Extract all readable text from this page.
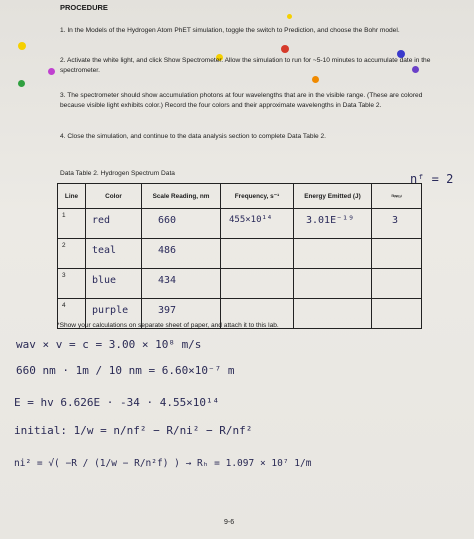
PROCEDURE
1. In the Models of the Hydrogen Atom PhET simulation, toggle the switch to Prediction, and choose the Bohr model.
2. Activate the white light, and click Show Spectrometer. Allow the simulation to run for ~5-10 minutes to accumulate date in the spectrometer.
3. The spectrometer should show accumulation photons at four wavelengths that are in the visible range. (These are colored because visible light exhibits color.) Record the four colors and their approximate wavelengths in Data Table 2.
4. Close the simulation, and continue to the data analysis section to complete Data Table 2.
Data Table 2. Hydrogen Spectrum Data	nᶠ = 2
Line	Color	Scale Reading, nm	Frequency, s⁻¹	Energy Emitted (J)	nᵢₙᵢₜᵢₐₗ
1	red	660	455×10¹⁴	3.01E⁻¹⁹	3

2	teal	486			

3	blue	434			

4	purple	397			

*Show your calculations on separate sheet of paper, and attach it to this lab.
wav × v = c = 3.00 × 10⁸ m/s
660 nm · 1m / 10 nm = 6.60×10⁻⁷ m
E = hv 6.626E · -34 · 4.55×10¹⁴
initial: 1/w = n/nf² − R/ni² − R/nf²
ni² = √( −R / (1/w − R/n²f) ) → Rₕ = 1.097 × 10⁷ 1/m
9-6
